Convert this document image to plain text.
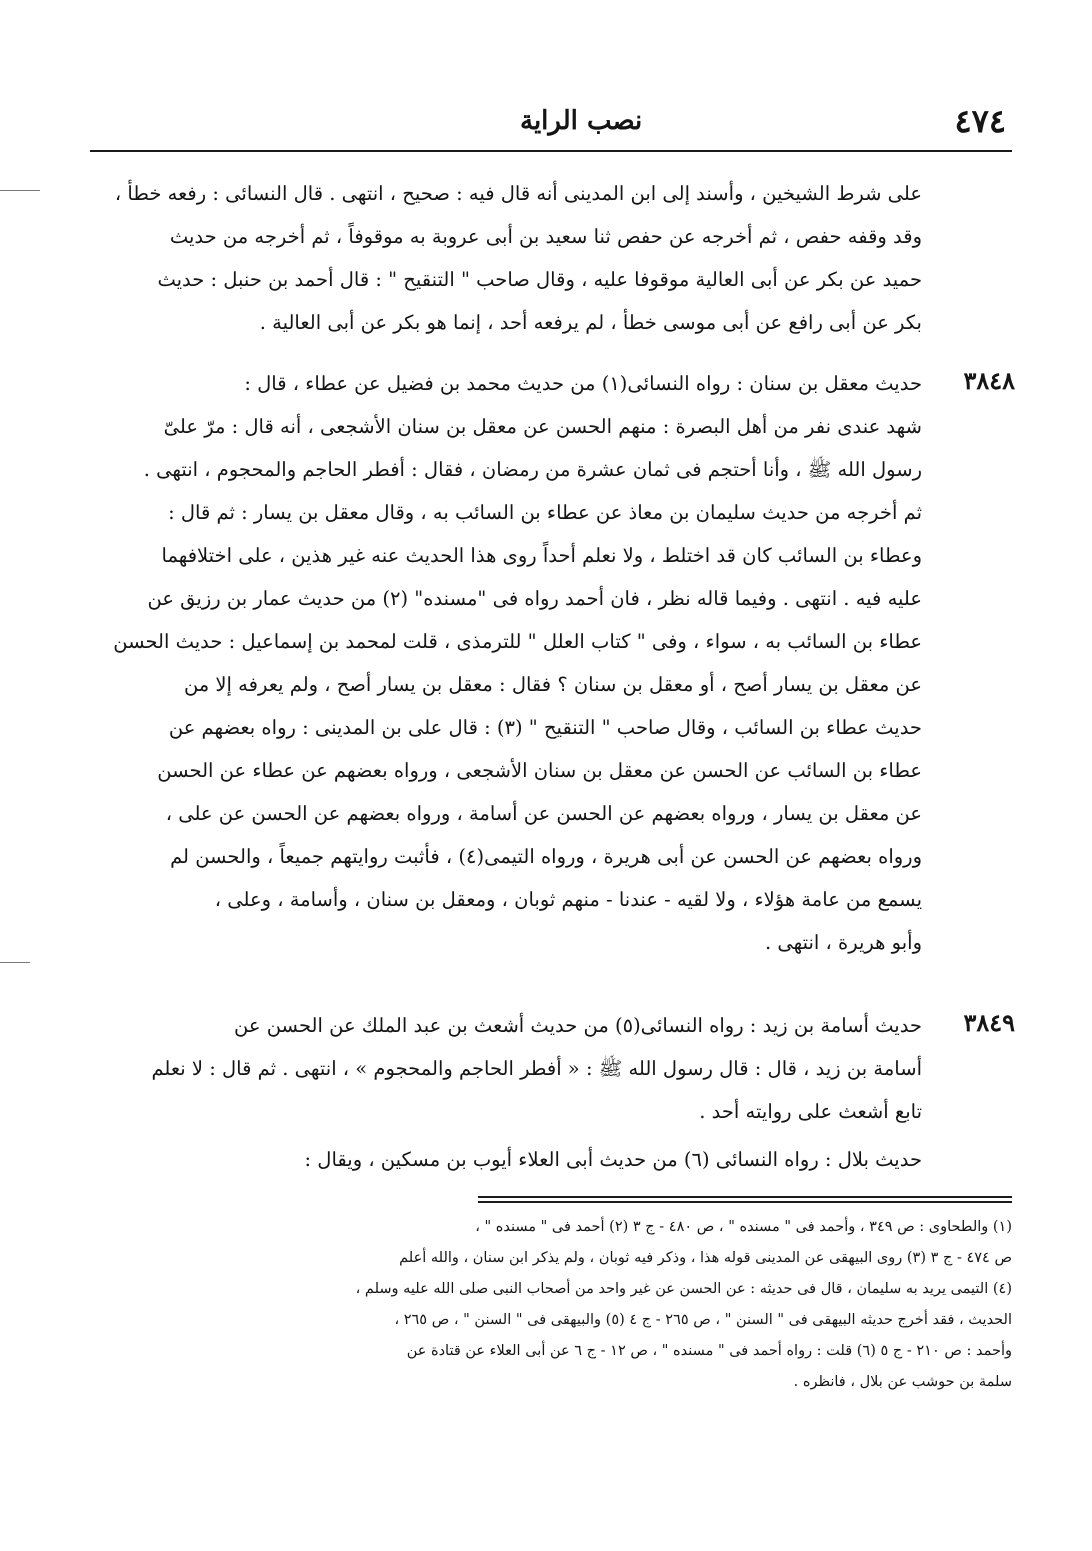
نصب الراية	٤٧٤
على شرط الشيخين ، وأسند إلى ابن المدينى أنه قال فيه : صحيح ، انتهى . قال النسائى : رفعه خطأ ،
وقد وقفه حفص ، ثم أخرجه عن حفص ثنا سعيد بن أبى عروبة به موقوفاً ، ثم أخرجه من حديث
حميد عن بكر عن أبى العالية موقوفا عليه ، وقال صاحب " التنقيح " : قال أحمد بن حنبل : حديث
بكر عن أبى رافع عن أبى موسى خطأ ، لم يرفعه أحد ، إنما هو بكر عن أبى العالية .
٣٨٤٨
حديث معقل بن سنان : رواه النسائى(١) من حديث محمد بن فضيل عن عطاء ، قال :
شهد عندى نفر من أهل البصرة : منهم الحسن عن معقل بن سنان الأشجعى ، أنه قال : مرّ علىّ
رسول الله ﷺ ، وأنا أحتجم فى ثمان عشرة من رمضان ، فقال : أفطر الحاجم والمحجوم ، انتهى .
ثم أخرجه من حديث سليمان بن معاذ عن عطاء بن السائب به ، وقال معقل بن يسار : ثم قال :
وعطاء بن السائب كان قد اختلط ، ولا نعلم أحداً روى هذا الحديث عنه غير هذين ، على اختلافهما
عليه فيه . انتهى . وفيما قاله نظر ، فان أحمد رواه فى "مسنده" (٢) من حديث عمار بن رزيق عن
عطاء بن السائب به ، سواء ، وفى " كتاب العلل " للترمذى ، قلت لمحمد بن إسماعيل : حديث الحسن
عن معقل بن يسار أصح ، أو معقل بن سنان ؟ فقال : معقل بن يسار أصح ، ولم يعرفه إلا من
حديث عطاء بن السائب ، وقال صاحب " التنقيح " (٣) : قال على بن المدينى : رواه بعضهم عن
عطاء بن السائب عن الحسن عن معقل بن سنان الأشجعى ، ورواه بعضهم عن عطاء عن الحسن
عن معقل بن يسار ، ورواه بعضهم عن الحسن عن أسامة ، ورواه بعضهم عن الحسن عن على ،
ورواه بعضهم عن الحسن عن أبى هريرة ، ورواه التيمى(٤) ، فأثبت روايتهم جميعاً ، والحسن لم
يسمع من عامة هؤلاء ، ولا لقيه - عندنا - منهم ثوبان ، ومعقل بن سنان ، وأسامة ، وعلى ،
وأبو هريرة ، انتهى .
٣٨٤٩
حديث أسامة بن زيد : رواه النسائى(٥) من حديث أشعث بن عبد الملك عن الحسن عن
أسامة بن زيد ، قال : قال رسول الله ﷺ : « أفطر الحاجم والمحجوم » ، انتهى . ثم قال : لا نعلم
تابع أشعث على روايته أحد .
حديث بلال : رواه النسائى (٦) من حديث أبى العلاء أيوب بن مسكين ، ويقال :
(١) والطحاوى : ص ٣٤٩ ، وأحمد فى " مسنده " ، ص ٤٨٠ - ج ٣ (٢) أحمد فى " مسنده " ،
ص ٤٧٤ - ج ٣ (٣) روى البيهقى عن المدينى قوله هذا ، وذكر فيه ثوبان ، ولم يذكر ابن سنان ، والله أعلم
(٤) التيمى يريد به سليمان ، قال فى حديثه : عن الحسن عن غير واحد من أصحاب النبى صلى الله عليه وسلم ،
الحديث ، فقد أخرج حديثه البيهقى فى " السنن " ، ص ٢٦٥ - ج ٤ (٥) والبيهقى فى " السنن " ، ص ٢٦٥ ،
وأحمد : ص ٢١٠ - ج ٥ (٦) قلت : رواه أحمد فى " مسنده " ، ص ١٢ - ج ٦ عن أبى العلاء عن قتادة عن
سلمة بن حوشب عن بلال ، فانظره .
